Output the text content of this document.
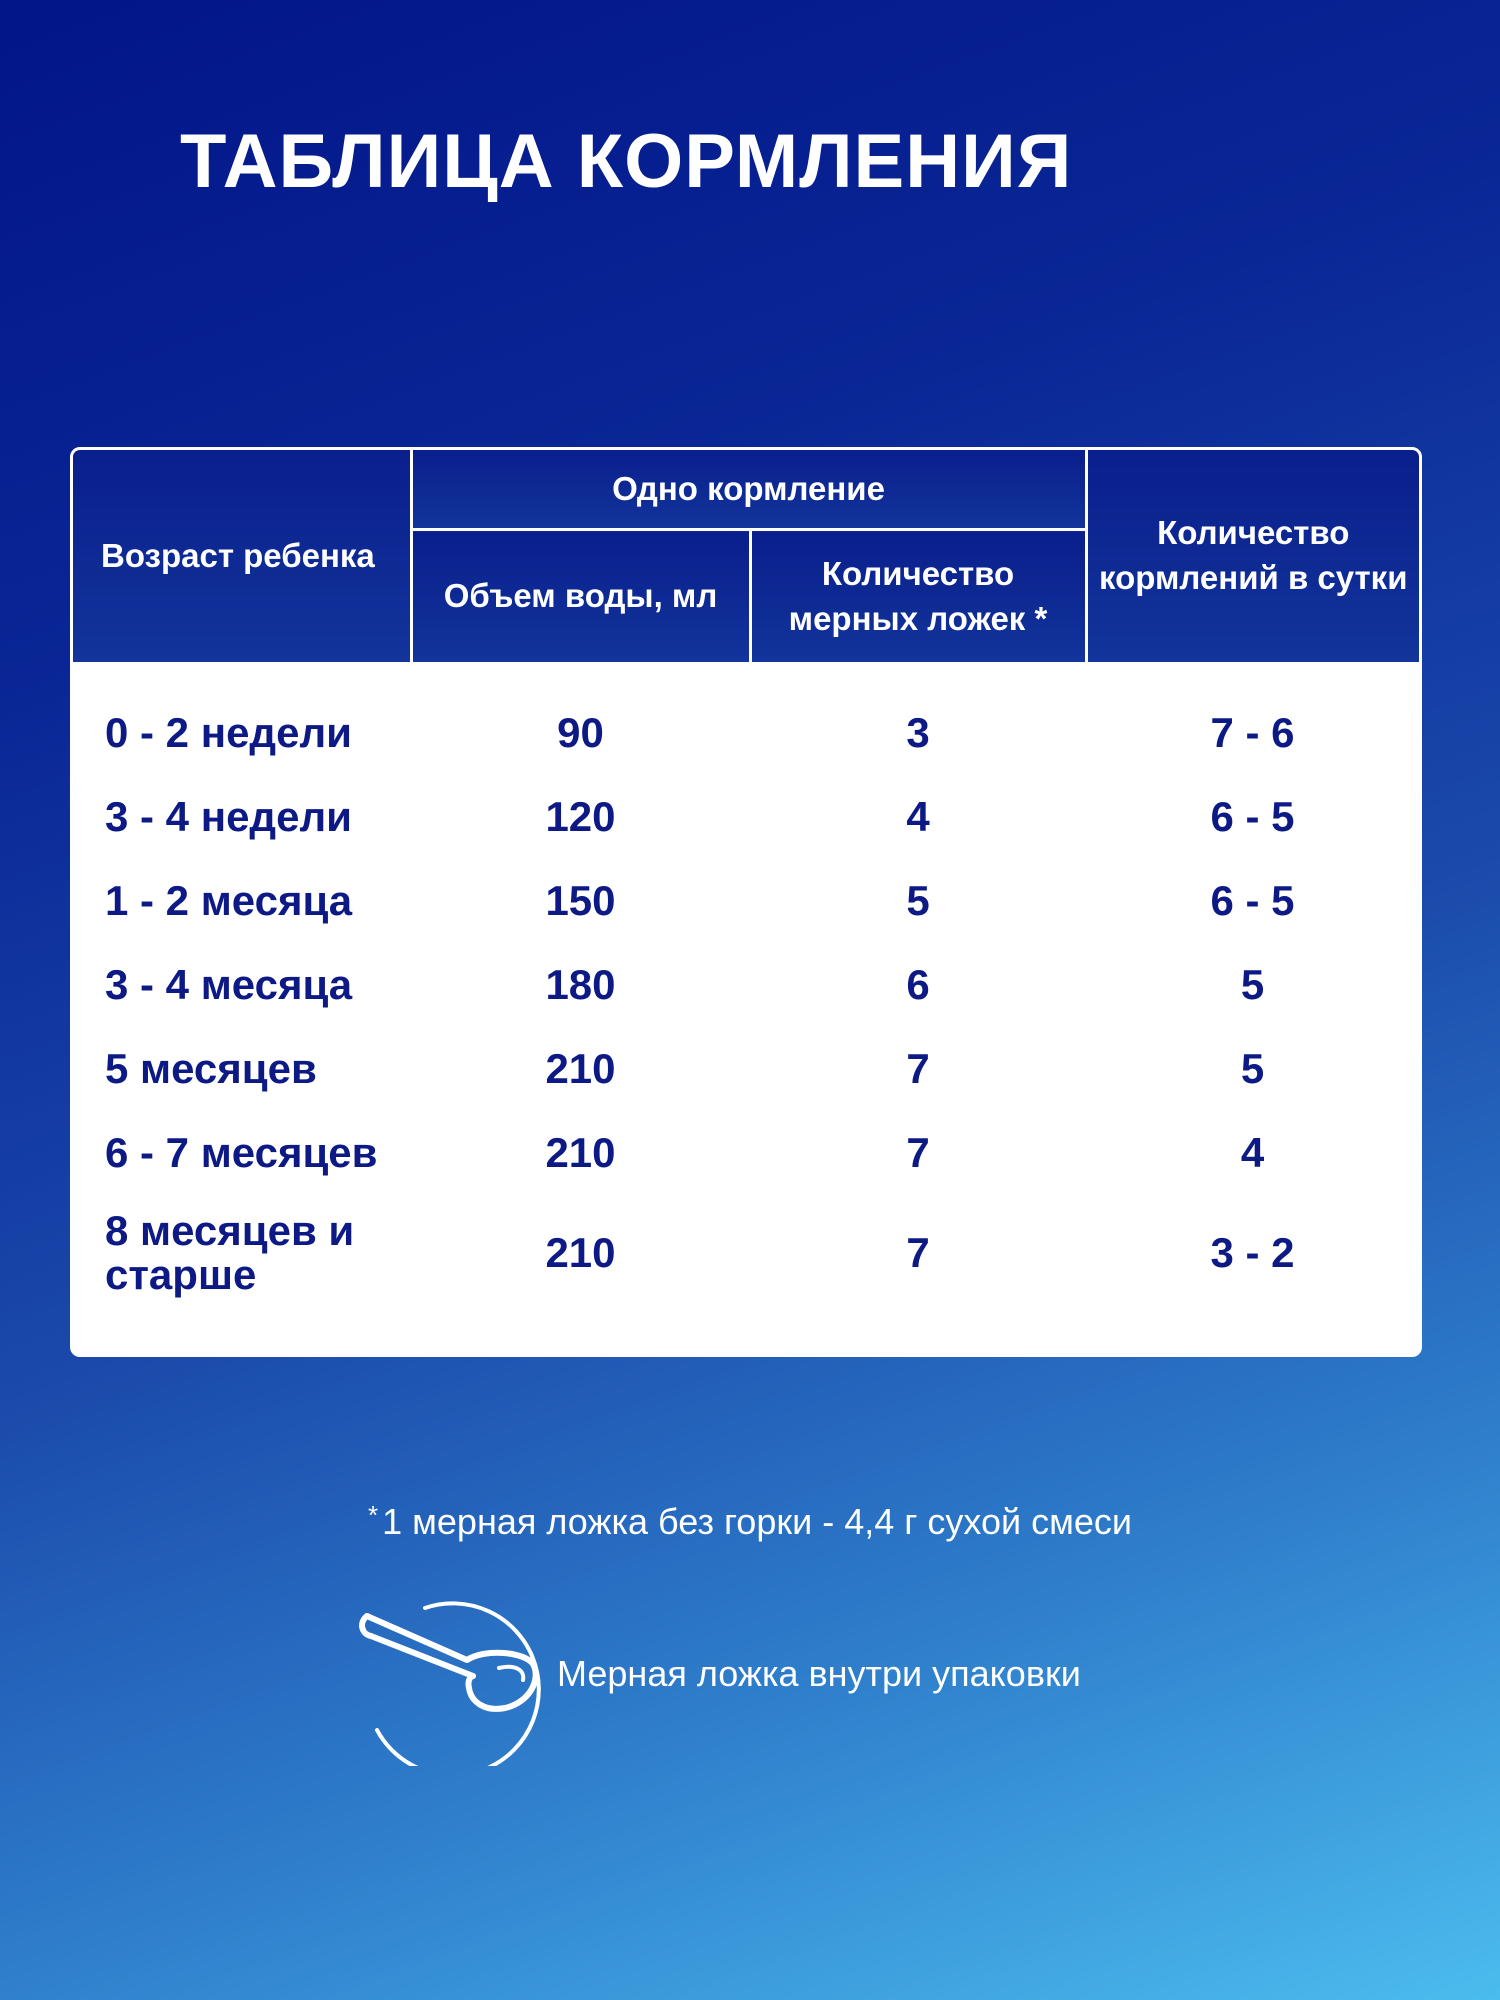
ТАБЛИЦА КОРМЛЕНИЯ
Возраст ребенка	Одно кормление		Количество кормлений в сутки
	Объем воды, мл	Количество мерных ложек *	
0 - 2 недели	90	3	7 - 6
3 - 4 недели	120	4	6 - 5
1 - 2 месяца	150	5	6 - 5
3 - 4 месяца	180	6	5
5 месяцев	210	7	5
6 - 7 месяцев	210	7	4
8 месяцев и старше	210	7	3 - 2
* 1 мерная ложка без горки - 4,4 г сухой смеси
Мерная ложка внутри упаковки
